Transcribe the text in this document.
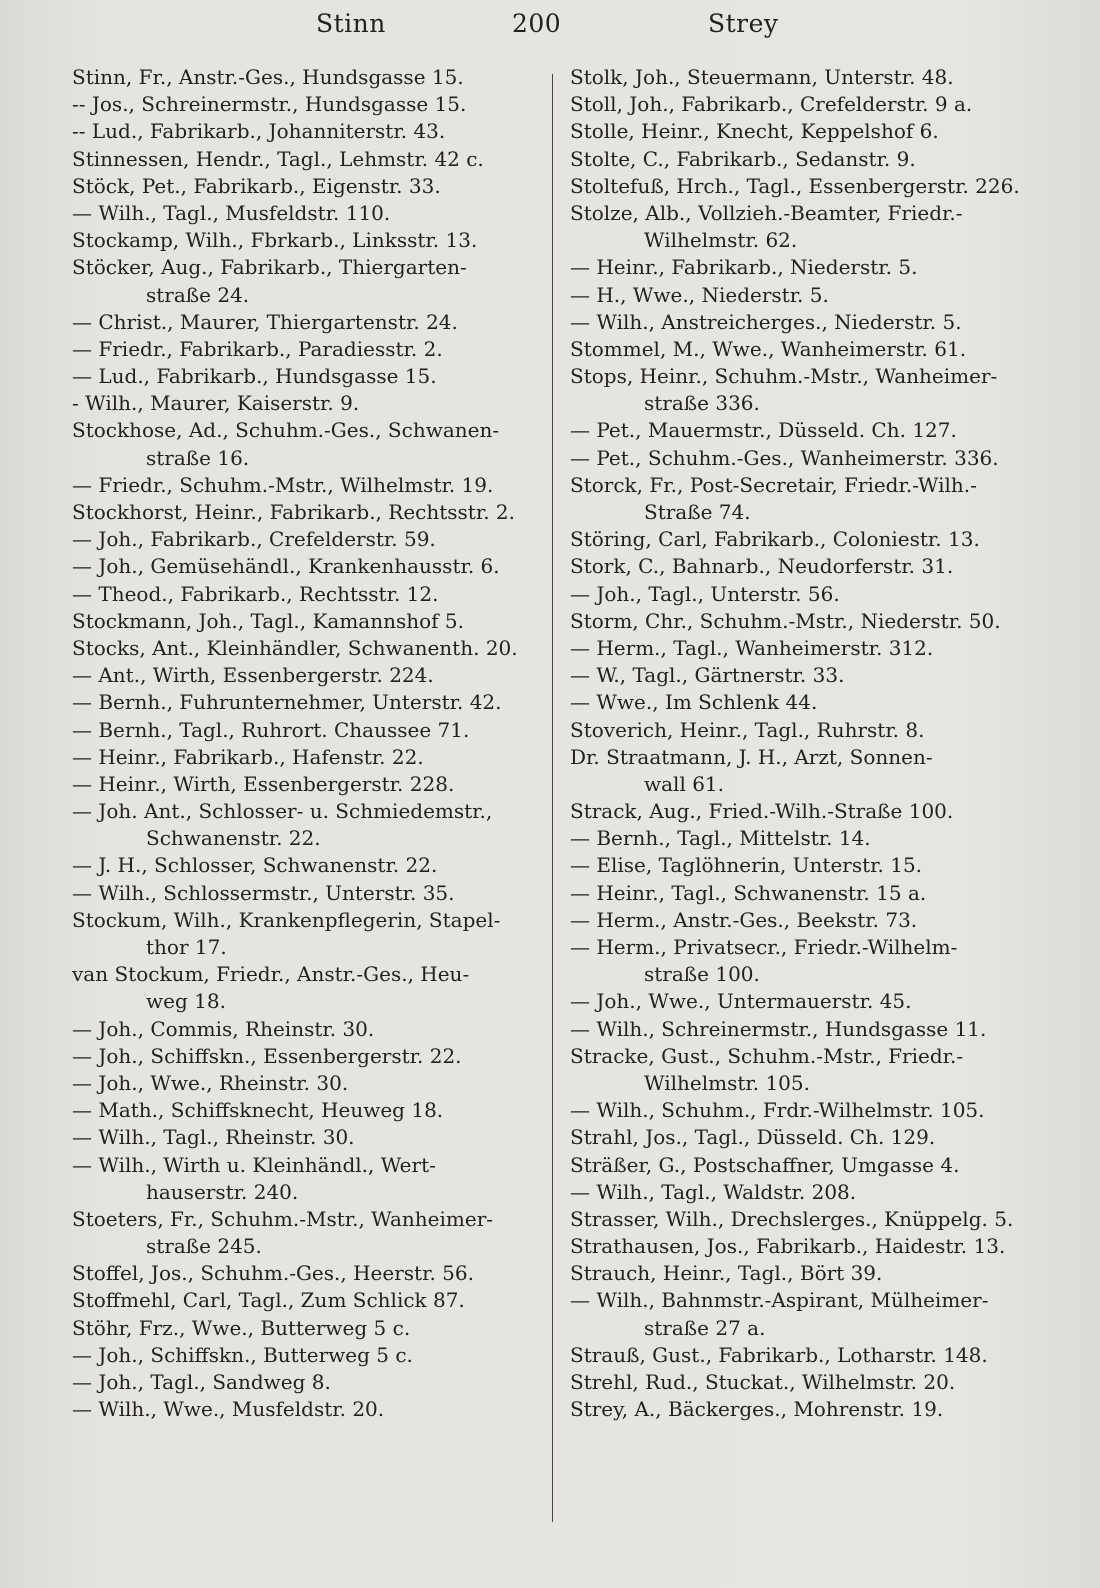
Stinn	200	Strey
Stinn, Fr., Anstr.-Ges., Hundsgasse 15.
-- Jos., Schreinermstr., Hundsgasse 15.
-- Lud., Fabrikarb., Johanniterstr. 43.
Stinnessen, Hendr., Tagl., Lehmstr. 42 c.
Stöck, Pet., Fabrikarb., Eigenstr. 33.
— Wilh., Tagl., Musfeldstr. 110.
Stockamp, Wilh., Fbrkarb., Linksstr. 13.
Stöcker, Aug., Fabrikarb., Thiergarten-
straße 24.
— Christ., Maurer, Thiergartenstr. 24.
— Friedr., Fabrikarb., Paradiesstr. 2.
— Lud., Fabrikarb., Hundsgasse 15.
- Wilh., Maurer, Kaiserstr. 9.
Stockhose, Ad., Schuhm.-Ges., Schwanen-
straße 16.
— Friedr., Schuhm.-Mstr., Wilhelmstr. 19.
Stockhorst, Heinr., Fabrikarb., Rechtsstr. 2.
— Joh., Fabrikarb., Crefelderstr. 59.
— Joh., Gemüsehändl., Krankenhausstr. 6.
— Theod., Fabrikarb., Rechtsstr. 12.
Stockmann, Joh., Tagl., Kamannshof 5.
Stocks, Ant., Kleinhändler, Schwanenth. 20.
— Ant., Wirth, Essenbergerstr. 224.
— Bernh., Fuhrunternehmer, Unterstr. 42.
— Bernh., Tagl., Ruhrort. Chaussee 71.
— Heinr., Fabrikarb., Hafenstr. 22.
— Heinr., Wirth, Essenbergerstr. 228.
— Joh. Ant., Schlosser- u. Schmiedemstr.,
Schwanenstr. 22.
— J. H., Schlosser, Schwanenstr. 22.
— Wilh., Schlossermstr., Unterstr. 35.
Stockum, Wilh., Krankenpflegerin, Stapel-
thor 17.
van Stockum, Friedr., Anstr.-Ges., Heu-
weg 18.
— Joh., Commis, Rheinstr. 30.
— Joh., Schiffskn., Essenbergerstr. 22.
— Joh., Wwe., Rheinstr. 30.
— Math., Schiffsknecht, Heuweg 18.
— Wilh., Tagl., Rheinstr. 30.
— Wilh., Wirth u. Kleinhändl., Wert-
hauserstr. 240.
Stoeters, Fr., Schuhm.-Mstr., Wanheimer-
straße 245.
Stoffel, Jos., Schuhm.-Ges., Heerstr. 56.
Stoffmehl, Carl, Tagl., Zum Schlick 87.
Stöhr, Frz., Wwe., Butterweg 5 c.
— Joh., Schiffskn., Butterweg 5 c.
— Joh., Tagl., Sandweg 8.
— Wilh., Wwe., Musfeldstr. 20.
Stolk, Joh., Steuermann, Unterstr. 48.
Stoll, Joh., Fabrikarb., Crefelderstr. 9 a.
Stolle, Heinr., Knecht, Keppelshof 6.
Stolte, C., Fabrikarb., Sedanstr. 9.
Stoltefuß, Hrch., Tagl., Essenbergerstr. 226.
Stolze, Alb., Vollzieh.-Beamter, Friedr.-
Wilhelmstr. 62.
— Heinr., Fabrikarb., Niederstr. 5.
— H., Wwe., Niederstr. 5.
— Wilh., Anstreicherges., Niederstr. 5.
Stommel, M., Wwe., Wanheimerstr. 61.
Stops, Heinr., Schuhm.-Mstr., Wanheimer-
straße 336.
— Pet., Mauermstr., Düsseld. Ch. 127.
— Pet., Schuhm.-Ges., Wanheimerstr. 336.
Storck, Fr., Post-Secretair, Friedr.-Wilh.-
Straße 74.
Störing, Carl, Fabrikarb., Coloniestr. 13.
Stork, C., Bahnarb., Neudorferstr. 31.
— Joh., Tagl., Unterstr. 56.
Storm, Chr., Schuhm.-Mstr., Niederstr. 50.
— Herm., Tagl., Wanheimerstr. 312.
— W., Tagl., Gärtnerstr. 33.
— Wwe., Im Schlenk 44.
Stoverich, Heinr., Tagl., Ruhrstr. 8.
Dr. Straatmann, J. H., Arzt, Sonnen-
wall 61.
Strack, Aug., Fried.-Wilh.-Straße 100.
— Bernh., Tagl., Mittelstr. 14.
— Elise, Taglöhnerin, Unterstr. 15.
— Heinr., Tagl., Schwanenstr. 15 a.
— Herm., Anstr.-Ges., Beekstr. 73.
— Herm., Privatsecr., Friedr.-Wilhelm-
straße 100.
— Joh., Wwe., Untermauerstr. 45.
— Wilh., Schreinermstr., Hundsgasse 11.
Stracke, Gust., Schuhm.-Mstr., Friedr.-
Wilhelmstr. 105.
— Wilh., Schuhm., Frdr.-Wilhelmstr. 105.
Strahl, Jos., Tagl., Düsseld. Ch. 129.
Sträßer, G., Postschaffner, Umgasse 4.
— Wilh., Tagl., Waldstr. 208.
Strasser, Wilh., Drechslerges., Knüppelg. 5.
Strathausen, Jos., Fabrikarb., Haidestr. 13.
Strauch, Heinr., Tagl., Bört 39.
— Wilh., Bahnmstr.-Aspirant, Mülheimer-
straße 27 a.
Strauß, Gust., Fabrikarb., Lotharstr. 148.
Strehl, Rud., Stuckat., Wilhelmstr. 20.
Strey, A., Bäckerges., Mohrenstr. 19.
